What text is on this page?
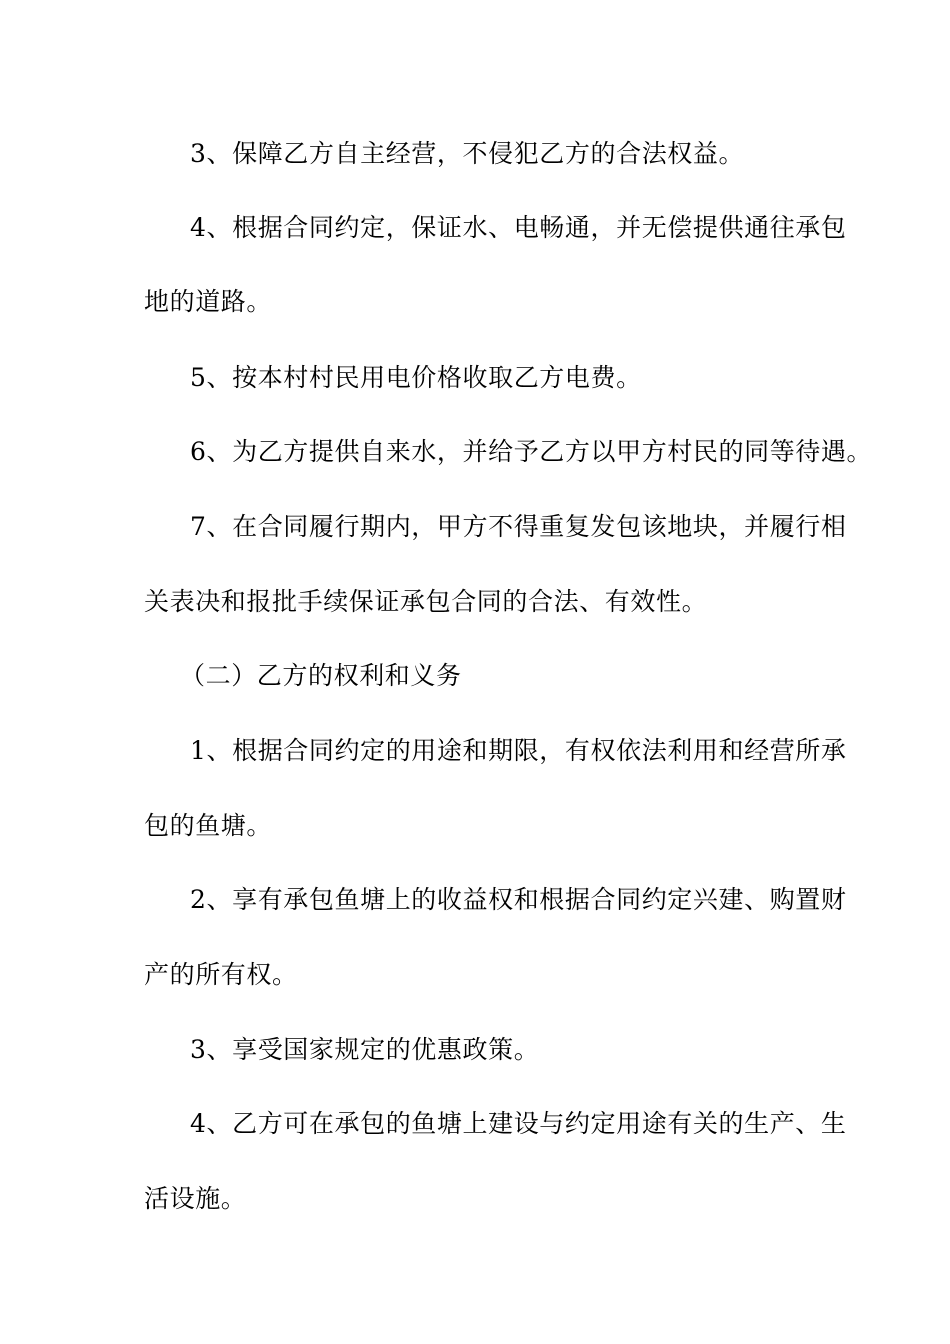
3、保障乙方自主经营，不侵犯乙方的合法权益。
4、根据合同约定，保证水、电畅通，并无偿提供通往承包
地的道路。
5、按本村村民用电价格收取乙方电费。
6、为乙方提供自来水，并给予乙方以甲方村民的同等待遇。
7、在合同履行期内，甲方不得重复发包该地块，并履行相
关表决和报批手续保证承包合同的合法、有效性。
（二）乙方的权利和义务
1、根据合同约定的用途和期限，有权依法利用和经营所承
包的鱼塘。
2、享有承包鱼塘上的收益权和根据合同约定兴建、购置财
产的所有权。
3、享受国家规定的优惠政策。
4、乙方可在承包的鱼塘上建设与约定用途有关的生产、生
活设施。
